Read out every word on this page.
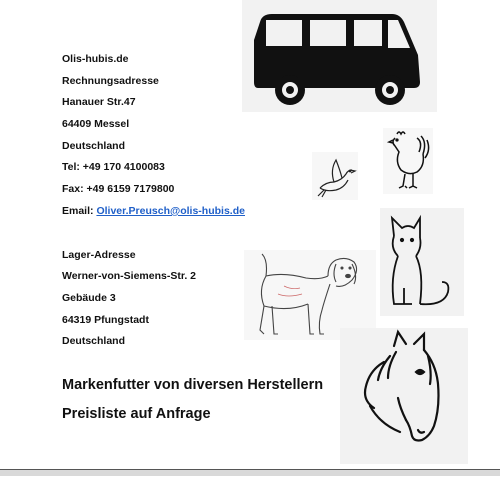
Olis-hubis.de
Rechnungsadresse
Hanauer Str.47
64409 Messel
Deutschland
Tel: +49 170 4100083
Fax: +49 6159 7179800
Email: Oliver.Preusch@olis-hubis.de
Lager-Adresse
Werner-von-Siemens-Str. 2
Gebäude 3
64319 Pfungstadt
Deutschland
Markenfutter von diversen Herstellern
Preisliste auf Anfrage
